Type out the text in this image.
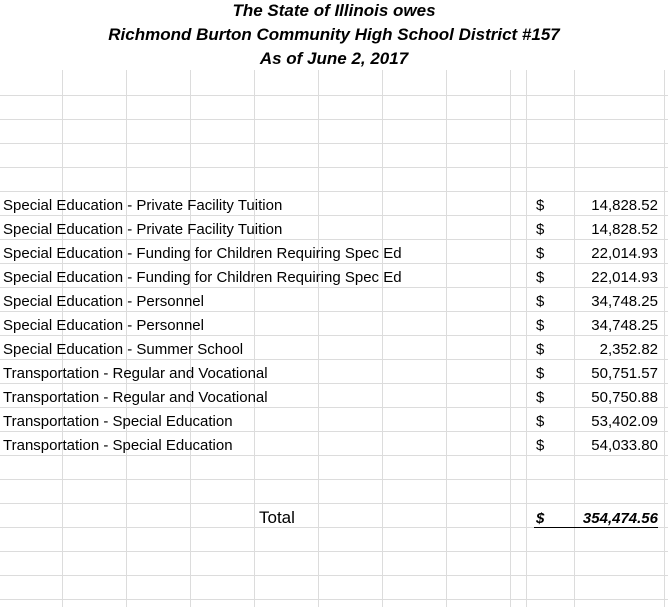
The State of Illinois owes
Richmond Burton Community High School District #157
As of June 2, 2017
Special Education - Private Facility Tuition	$	14,828.52
Special Education - Private Facility Tuition	$	14,828.52
Special Education - Funding for Children Requiring Spec Ed	$	22,014.93
Special Education - Funding for Children Requiring Spec Ed	$	22,014.93
Special Education - Personnel	$	34,748.25
Special Education - Personnel	$	34,748.25
Special Education - Summer School	$	2,352.82
Transportation - Regular and Vocational	$	50,751.57
Transportation - Regular and Vocational	$	50,750.88
Transportation - Special Education	$	53,402.09
Transportation - Special Education	$	54,033.80
Total	$	354,474.56
